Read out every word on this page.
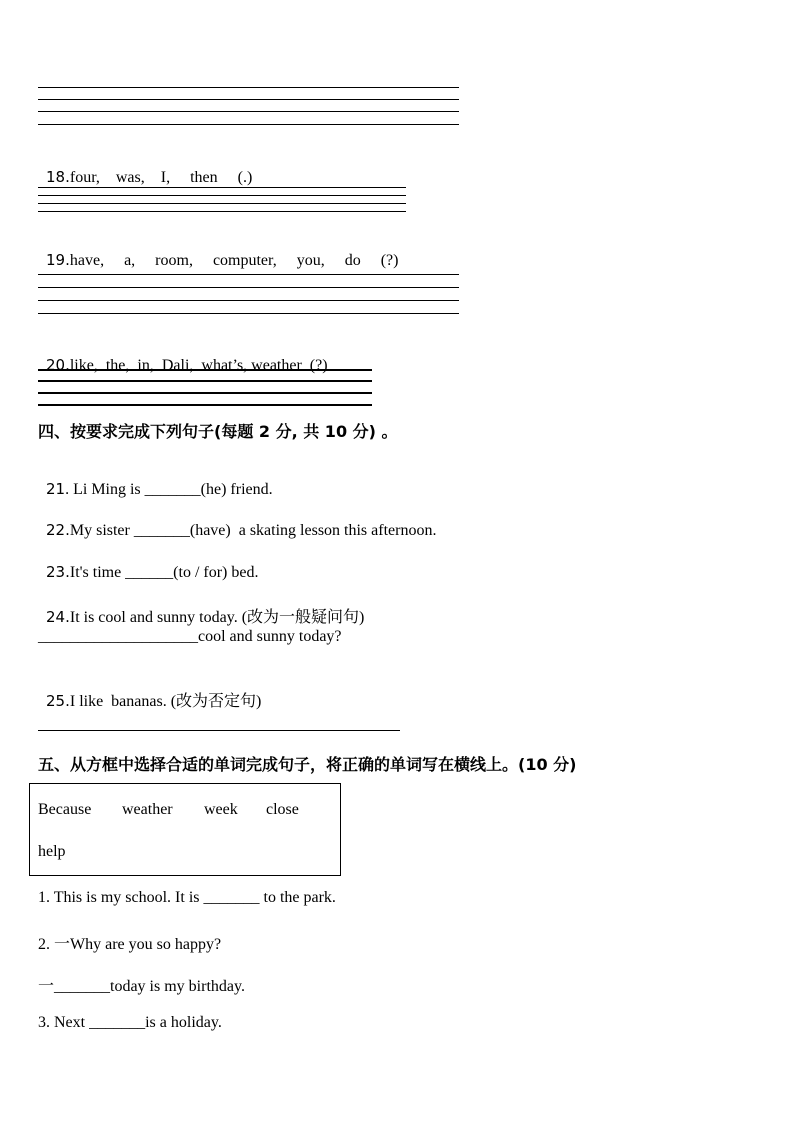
18.four,    was,    I,     then     (.)

19.have,     a,     room,     computer,     you,     do     (?)

20.like,  the,  in,  Dali,  what’s, weather  (?)

四、按要求完成下列句子(每题 2 分, 共 10 分) 。

21. Li Ming is _______(he) friend.

22.My sister _______(have)  a skating lesson this afternoon.

23.It's time ______(to / for) bed.

24.It is cool and sunny today. (改为一般疑问句)

____________________cool and sunny today?

25.I like  bananas. (改为否定句)

五、从方框中选择合适的单词完成句子，将正确的单词写在横线上。(10 分)
Because weather week close
help
1. This is my school. It is _______ to the park.
2. 一Why are you so happy?
一_______today is my birthday.
3. Next _______is a holiday.
